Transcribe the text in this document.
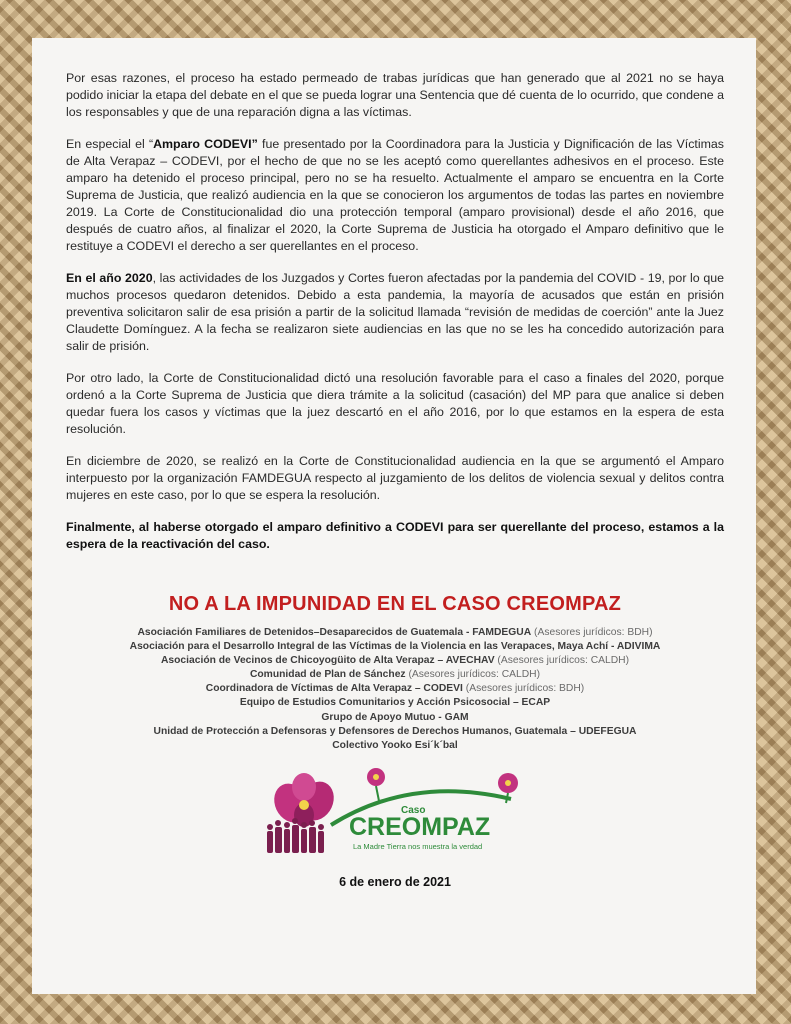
Por esas razones, el proceso ha estado permeado de trabas jurídicas que han generado que al 2021 no se haya podido iniciar la etapa del debate en el que se pueda lograr una Sentencia que dé cuenta de lo ocurrido, que condene a los responsables y que de una reparación digna a las víctimas.

En especial el “Amparo CODEVI” fue presentado por la Coordinadora para la Justicia y Dignificación de las Víctimas de Alta Verapaz – CODEVI, por el hecho de que no se les aceptó como querellantes adhesivos en el proceso. Este amparo ha detenido el proceso principal, pero no se ha resuelto. Actualmente el amparo se encuentra en la Corte Suprema de Justicia, que realizó audiencia en la que se conocieron los argumentos de todas las partes en noviembre 2019. La Corte de Constitucionalidad dio una protección temporal (amparo provisional) desde el año 2016, que después de cuatro años, al finalizar el 2020, la Corte Suprema de Justicia ha otorgado el Amparo definitivo que le restituye a CODEVI el derecho a ser querellantes en el proceso.

En el año 2020, las actividades de los Juzgados y Cortes fueron afectadas por la pandemia del COVID - 19, por lo que muchos procesos quedaron detenidos. Debido a esta pandemia, la mayoría de acusados que están en prisión preventiva solicitaron salir de esa prisión a partir de la solicitud llamada “revisión de medidas de coerción” ante la Juez Claudette Domínguez. A la fecha se realizaron siete audiencias en las que no se les ha concedido autorización para salir de prisión.

Por otro lado, la Corte de Constitucionalidad dictó una resolución favorable para el caso a finales del 2020, porque ordenó a la Corte Suprema de Justicia que diera trámite a la solicitud (casación) del MP para que analice si deben quedar fuera los casos y víctimas que la juez descartó en el año 2016, por lo que estamos en la espera de esta resolución.

En diciembre de 2020, se realizó en la Corte de Constitucionalidad audiencia en la que se argumentó el Amparo interpuesto por la organización FAMDEGUA respecto al juzgamiento de los delitos de violencia sexual y delitos contra mujeres en este caso, por lo que se espera la resolución.

Finalmente, al haberse otorgado el amparo definitivo a CODEVI para ser querellante del proceso, estamos a la espera de la reactivación del caso.

NO A LA IMPUNIDAD EN EL CASO CREOMPAZ
Asociación Familiares de Detenidos–Desaparecidos de Guatemala - FAMDEGUA (Asesores jurídicos: BDH)
Asociación para el Desarrollo Integral de las Víctimas de la Violencia en las Verapaces, Maya Achí - ADIVIMA
Asociación de Vecinos de Chicoyogüito de Alta Verapaz – AVECHAV (Asesores jurídicos: CALDH)
Comunidad de Plan de Sánchez (Asesores jurídicos: CALDH)
Coordinadora de Víctimas de Alta Verapaz – CODEVI (Asesores jurídicos: BDH)
Equipo de Estudios Comunitarios y Acción Psicosocial – ECAP
Grupo de Apoyo Mutuo - GAM
Unidad de Protección a Defensoras y Defensores de Derechos Humanos, Guatemala – UDEFEGUA
Colectivo Yooko Esi´k´bal
Caso
CREOMPAZ
La Madre Tierra nos muestra la verdad
6 de enero de 2021
